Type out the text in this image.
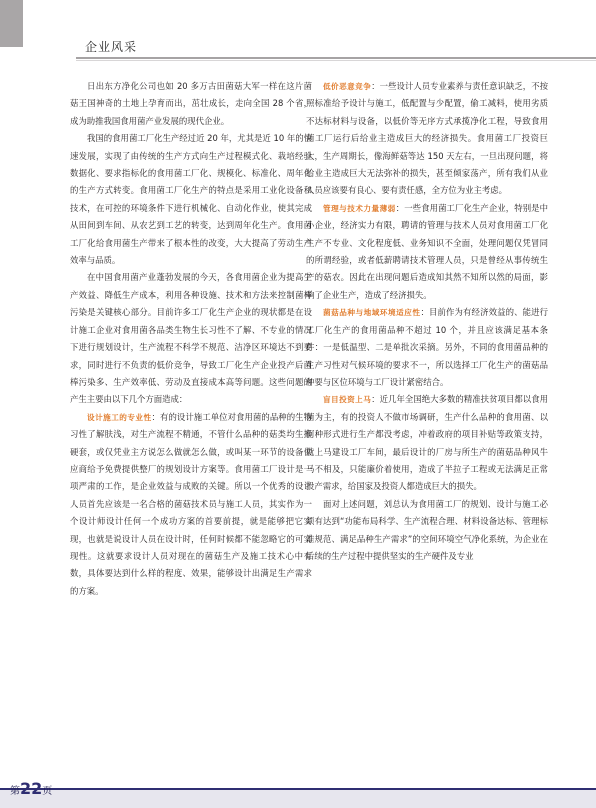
企业风采

日出东方净化公司也如 20 多万古田菌菇大军一样在这片菌菇王国神奇的土地上孕育而出，茁壮成长，走向全国 28 个省，成为助推我国食用菌产业发展的现代企业。

我国的食用菌工厂化生产经过近 20 年，尤其是近 10 年的快速发展，实现了由传统的生产方式向生产过程模式化、栽培经验数据化、要求指标化的食用菌工厂化、规模化、标准化、周年化的生产方式转变。食用菌工厂化生产的特点是采用工业化设备和技术，在可控的环境条件下进行机械化、自动化作业，使其完成从田间到车间、从农艺到工艺的转变，达到周年化生产。食用菌工厂化给食用菌生产带来了根本性的改变，大大提高了劳动生产效率与品质。

在中国食用菌产业蓬勃发展的今天，各食用菌企业为提高生产效益、降低生产成本，利用各种设施、技术和方法来控制菌棒污染是关键核心部分。目前许多工厂化生产企业的现状都是在设计施工企业对食用菌各品类生物生长习性不了解、不专业的情况下进行规划设计，生产流程不科学不规范、洁净区环境达不到要求，同时进行不负责的低价竞争，导致工厂化生产企业投产后菌棒污染多、生产效率低、劳动及直接成本高等问题。这些问题的产生主要由以下几个方面造成：

设计施工的专业性：有的设计施工单位对食用菌的品种的生物习性了解肤浅，对生产流程不精通，不管什么品种的菇类均生搬硬套，或仅凭业主方说怎么做就怎么做，或叫某一环节的设备供应商给予免费提供整厂的规划设计方案等。食用菌工厂设计是一项严肃的工作，是企业效益与成败的关键。所以一个优秀的设计人员首先应该是一名合格的菌菇技术员与施工人员，其实作为一个设计师设计任何一个成功方案的首要前提，就是能够把它实现，也就是说设计人员在设计时，任何时候都不能忽略它的可实现性。这就要求设计人员对现在的菌菇生产及施工技术心中有数，具体要达到什么样的程度、效果，能够设计出满足生产需求的方案。

低价恶意竞争：一些设计人员专业素养与责任意识缺乏，不按照标准给予设计与施工，低配置与少配置，偷工减料，使用劣质不达标材料与设备，以低价等无序方式承揽净化工程，导致食用菌工厂运行后给业主造成巨大的经济损失。食用菌工厂投资巨大，生产周期长，像海鲜菇等达 150 天左右，一旦出现问题，将给业主造成巨大无法弥补的损失，甚至倾家荡产，所有我们从业人员应该要有良心、要有责任感，全方位为业主考虑。

管理与技术力量薄弱：一些食用菌工厂化生产企业，特别是中小企业，经济实力有限，聘请的管理与技术人员对食用菌工厂化生产不专业、文化程度低、业务知识不全面，处理问题仅凭冒同的所谓经验，或者低薪聘请技术管理人员，只是曾经从事传统生产的菇农。因此在出现问题后造成知其然不知所以然的局面，影响了企业生产，造成了经济损失。

菌菇品种与地域环境适应性：目前作为有经济效益的、能进行工厂化生产的食用菌品种不超过 10 个，并且应该满足基本条件：一是低温型、二是单批次采摘。另外，不同的食用菌品种的生产习性对气候环境的要求不一，所以选择工厂化生产的菌菇品种要与区位环境与工厂设计紧密结合。

盲目投资上马：近几年全国绝大多数的精准扶贫项目都以食用菌为主，有的投资人不做市场调研，生产什么品种的食用菌、以何种形式进行生产都没考虑，冲着政府的项目补贴等政策支持，就上马建设工厂车间，最后设计的厂房与所生产的菌菇品种风牛马不相及，只能廉价着使用，造成了半拉子工程或无法满足正常投产需求，给国家及投资人都造成巨大的损失。

面对上述问题，刘总认为食用菌工厂的规划、设计与施工必须有达到“功能布局科学、生产流程合理、材料设备达标、管理标准规范、满足品种生产需求”的空间环境空气净化系统，为企业在后续的生产过程中提供坚实的生产硬件及专业

第22页
